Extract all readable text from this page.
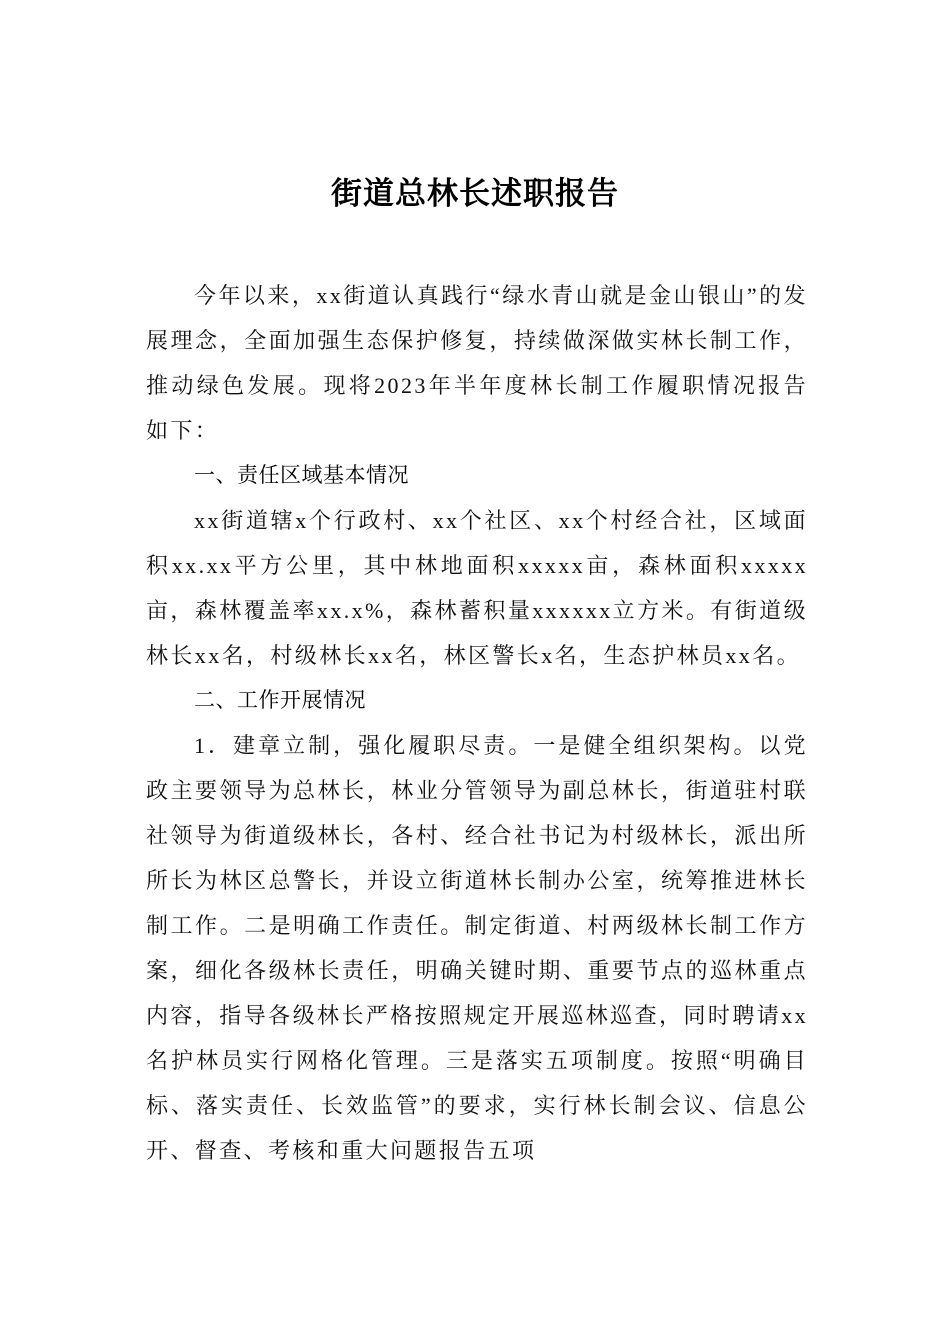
街道总林长述职报告

今年以来，xx街道认真践行“绿水青山就是金山银山”的发展理念，全面加强生态保护修复，持续做深做实林长制工作，推动绿色发展。现将2023年半年度林长制工作履职情况报告如下：

一、责任区域基本情况

xx街道辖x个行政村、xx个社区、xx个村经合社，区域面积xx.xx平方公里，其中林地面积xxxxx亩，森林面积xxxxx亩，森林覆盖率xx.x%，森林蓄积量xxxxxx立方米。有街道级林长xx名，村级林长xx名，林区警长x名，生态护林员xx名。

二、工作开展情况

1．建章立制，强化履职尽责。一是健全组织架构。以党政主要领导为总林长，林业分管领导为副总林长，街道驻村联社领导为街道级林长，各村、经合社书记为村级林长，派出所所长为林区总警长，并设立街道林长制办公室，统筹推进林长制工作。二是明确工作责任。制定街道、村两级林长制工作方案，细化各级林长责任，明确关键时期、重要节点的巡林重点内容，指导各级林长严格按照规定开展巡林巡查，同时聘请xx名护林员实行网格化管理。三是落实五项制度。按照“明确目标、落实责任、长效监管”的要求，实行林长制会议、信息公开、督查、考核和重大问题报告五项
